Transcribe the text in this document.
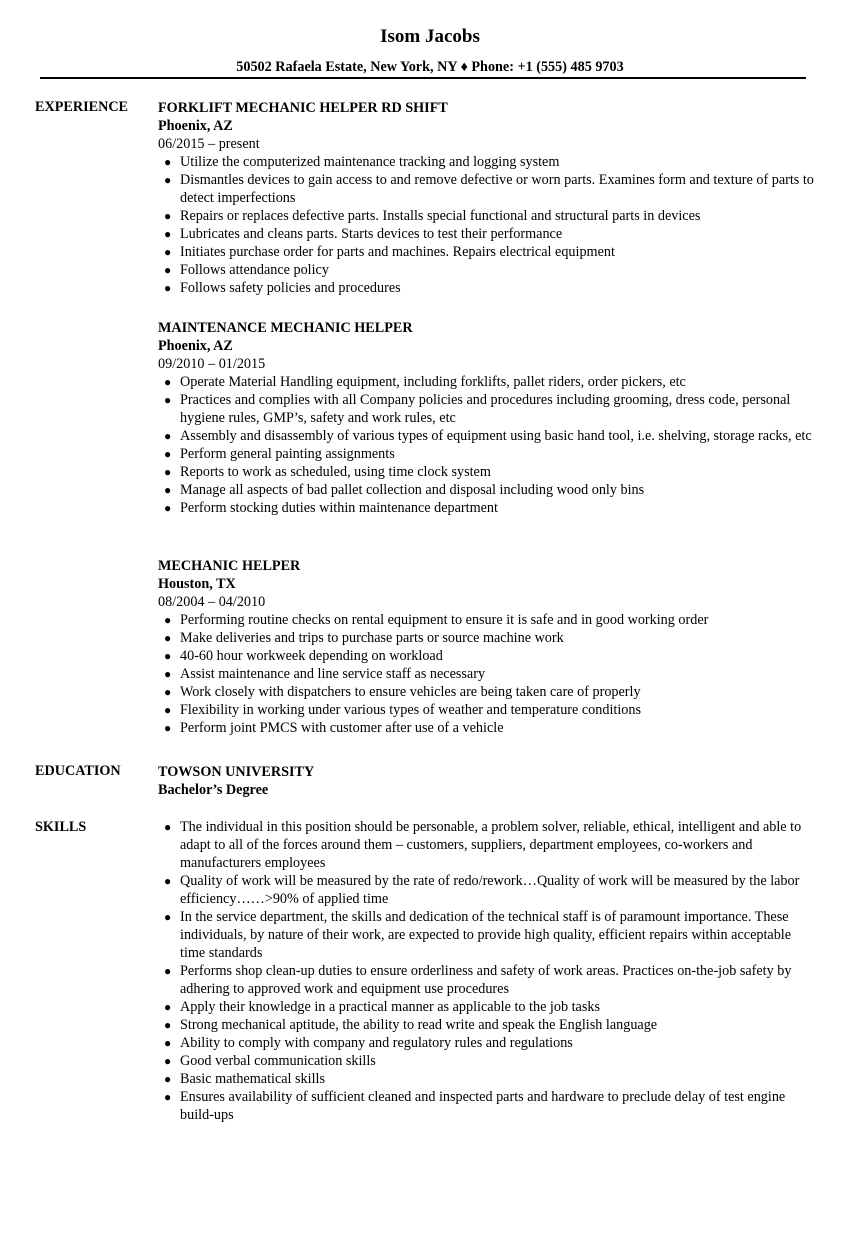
Isom Jacobs
50502 Rafaela Estate, New York, NY ♦ Phone: +1 (555) 485 9703
EXPERIENCE FORKLIFT MECHANIC HELPER RD SHIFT
Phoenix, AZ
06/2015 – present
● Utilize the computerized maintenance tracking and logging system
● Dismantles devices to gain access to and remove defective or worn parts. Examines form and texture of parts to detect imperfections
● Repairs or replaces defective parts. Installs special functional and structural parts in devices
● Lubricates and cleans parts. Starts devices to test their performance
● Initiates purchase order for parts and machines. Repairs electrical equipment
● Follows attendance policy
● Follows safety policies and procedures
MAINTENANCE MECHANIC HELPER
Phoenix, AZ
09/2010 – 01/2015
● Operate Material Handling equipment, including forklifts, pallet riders, order pickers, etc
● Practices and complies with all Company policies and procedures including grooming, dress code, personal hygiene rules, GMP’s, safety and work rules, etc
● Assembly and disassembly of various types of equipment using basic hand tool, i.e. shelving, storage racks, etc
● Perform general painting assignments
● Reports to work as scheduled, using time clock system
● Manage all aspects of bad pallet collection and disposal including wood only bins
● Perform stocking duties within maintenance department
MECHANIC HELPER
Houston, TX
08/2004 – 04/2010
● Performing routine checks on rental equipment to ensure it is safe and in good working order
● Make deliveries and trips to purchase parts or source machine work
● 40-60 hour workweek depending on workload
● Assist maintenance and line service staff as necessary
● Work closely with dispatchers to ensure vehicles are being taken care of properly
● Flexibility in working under various types of weather and temperature conditions
● Perform joint PMCS with customer after use of a vehicle
EDUCATION	TOWSON UNIVERSITY
Bachelor’s Degree
SKILLS	● The individual in this position should be personable, a problem solver, reliable, ethical, intelligent and able to adapt to all of the forces around them – customers, suppliers, department employees, co-workers and manufacturers employees
● Quality of work will be measured by the rate of redo/rework…Quality of work will be measured by the labor efficiency……>90% of applied time
● In the service department, the skills and dedication of the technical staff is of paramount importance. These individuals, by nature of their work, are expected to provide high quality, efficient repairs within acceptable time standards
● Performs shop clean-up duties to ensure orderliness and safety of work areas. Practices on-the-job safety by adhering to approved work and equipment use procedures
● Apply their knowledge in a practical manner as applicable to the job tasks
● Strong mechanical aptitude, the ability to read write and speak the English language
● Ability to comply with company and regulatory rules and regulations
● Good verbal communication skills
● Basic mathematical skills
● Ensures availability of sufficient cleaned and inspected parts and hardware to preclude delay of test engine build-ups
